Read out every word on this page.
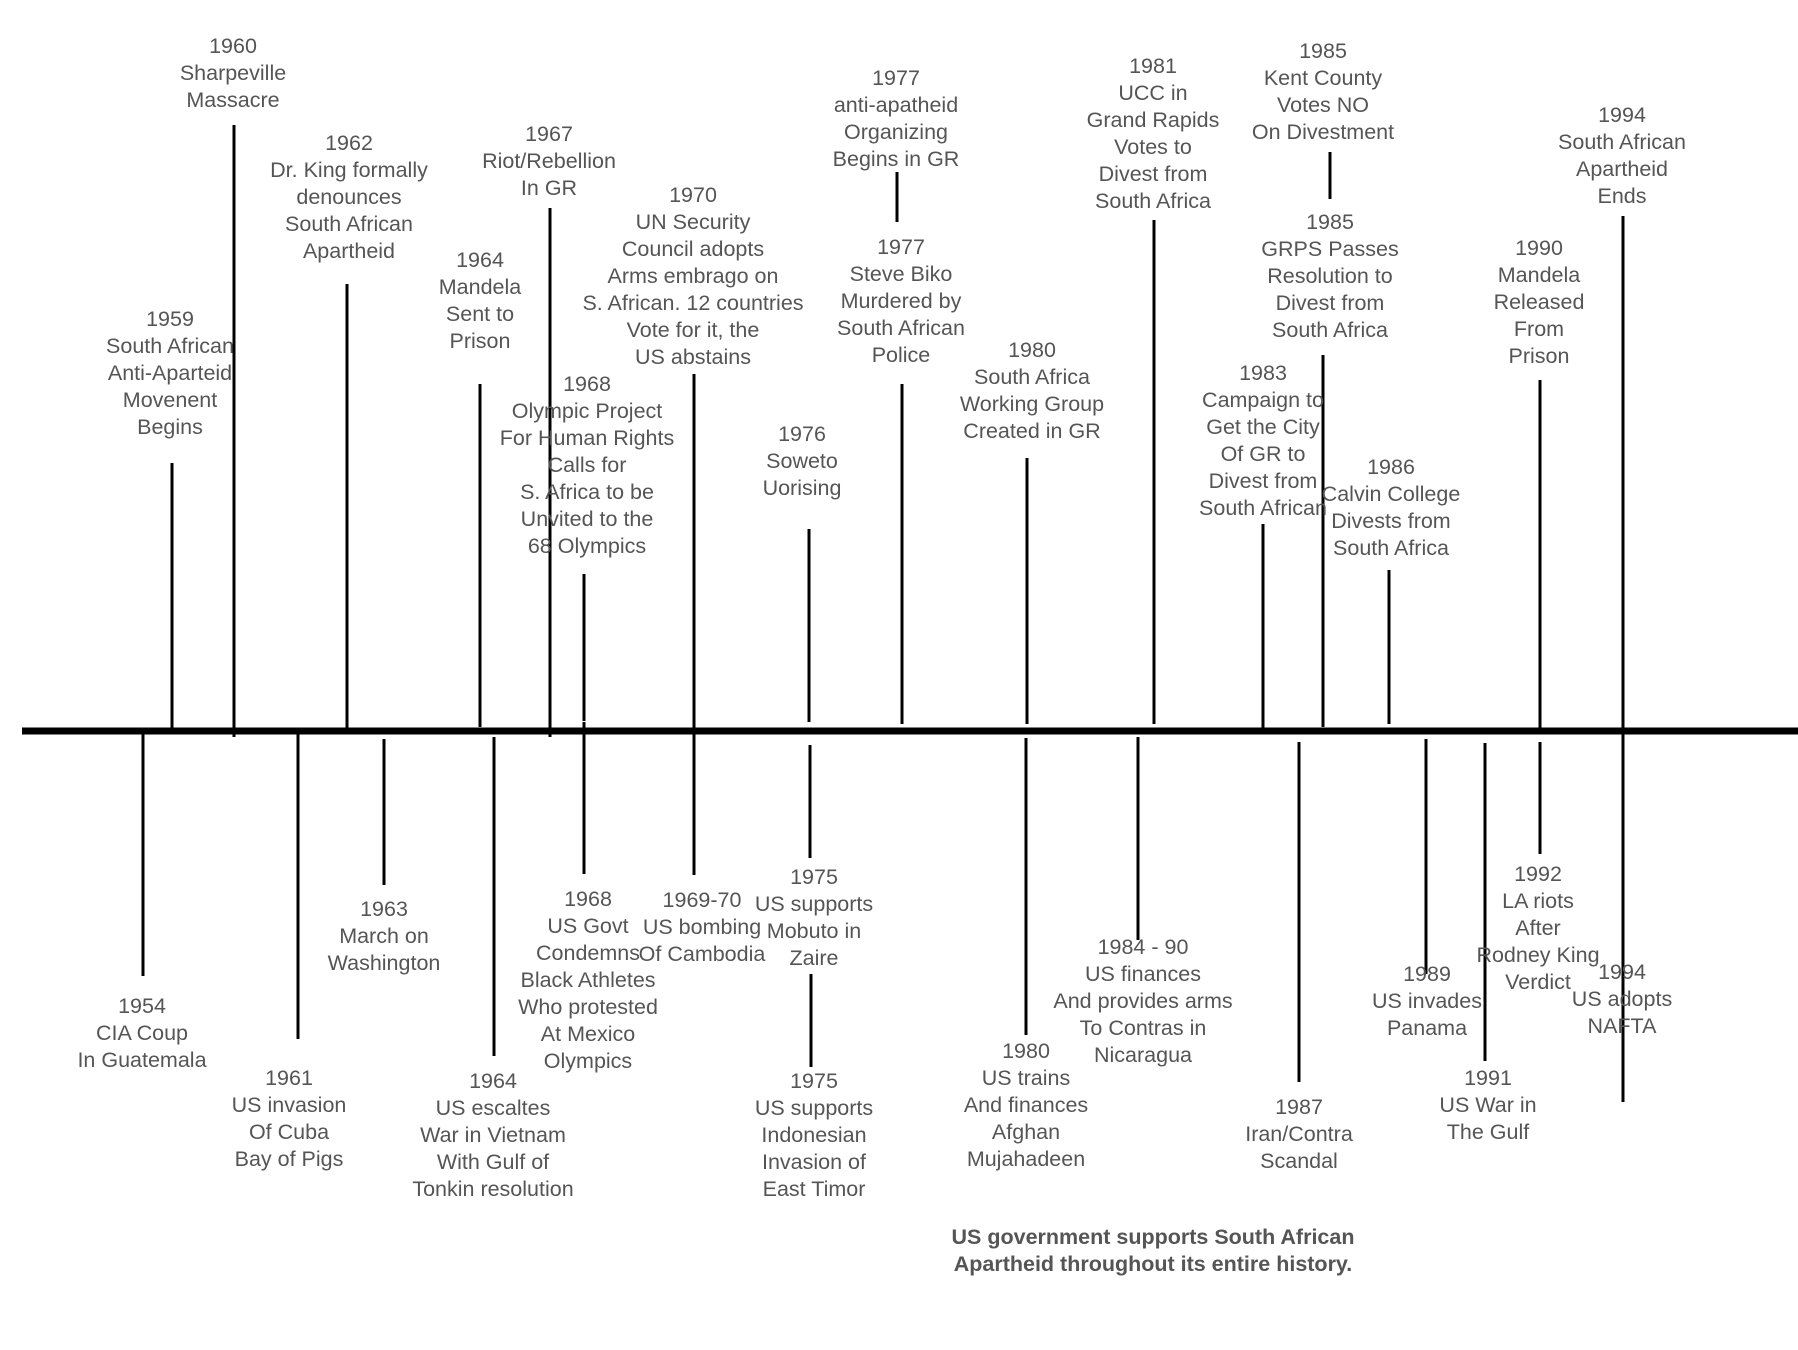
1959
South African
Anti-Aparteid
Movenent
Begins
1960
Sharpeville
Massacre
1962
Dr. King formally
denounces
South African
Apartheid	1964
Mandela
Sent to
Prison
1967
Riot/Rebellion
In GR
1968
Olympic Project
For Human Rights
Calls for
S. Africa to be
Unvited to the
68 Olympics
1970
UN Security
Council adopts
Arms embrago on
S. African. 12 countries
Vote for it, the
US abstains
1976
Soweto
Uorising
1977
anti-apatheid
Organizing
Begins in GR
1977
Steve Biko
Murdered by
South African
Police	1980
South Africa
Working Group
Created in GR
1981
UCC in
Grand Rapids
Votes to
Divest from
South Africa
1983
Campaign to
Get the City
Of GR to
Divest from
South African
1985
Kent County
Votes NO
On Divestment
1985
GRPS Passes
Resolution to
Divest from
South Africa
1986
Calvin College
Divests from
South Africa
1990
Mandela
Released
From
Prison
1994
South African
Apartheid
Ends
1954
CIA Coup
In Guatemala
1961
US invasion
Of Cuba
Bay of Pigs
1963
March on
Washington
1964
US escaltes
War in Vietnam
With Gulf of
Tonkin resolution
1968
US Govt
Condemns
Black Athletes
Who protested
At Mexico
Olympics
1969-70
US bombing
Of Cambodia
1975
US supports
Mobuto in
Zaire
1975
US supports
Indonesian
Invasion of
East Timor
1980
US trains
And finances
Afghan
Mujahadeen
1984 - 90
US finances
And provides arms
To Contras in
Nicaragua
1987
Iran/Contra
Scandal
1989
US invades
Panama
1991
US War in
The Gulf
1992
LA riots
After
Rodney King
Verdict	1994
US adopts
NAFTA
US government supports South African
Apartheid throughout its entire history.
